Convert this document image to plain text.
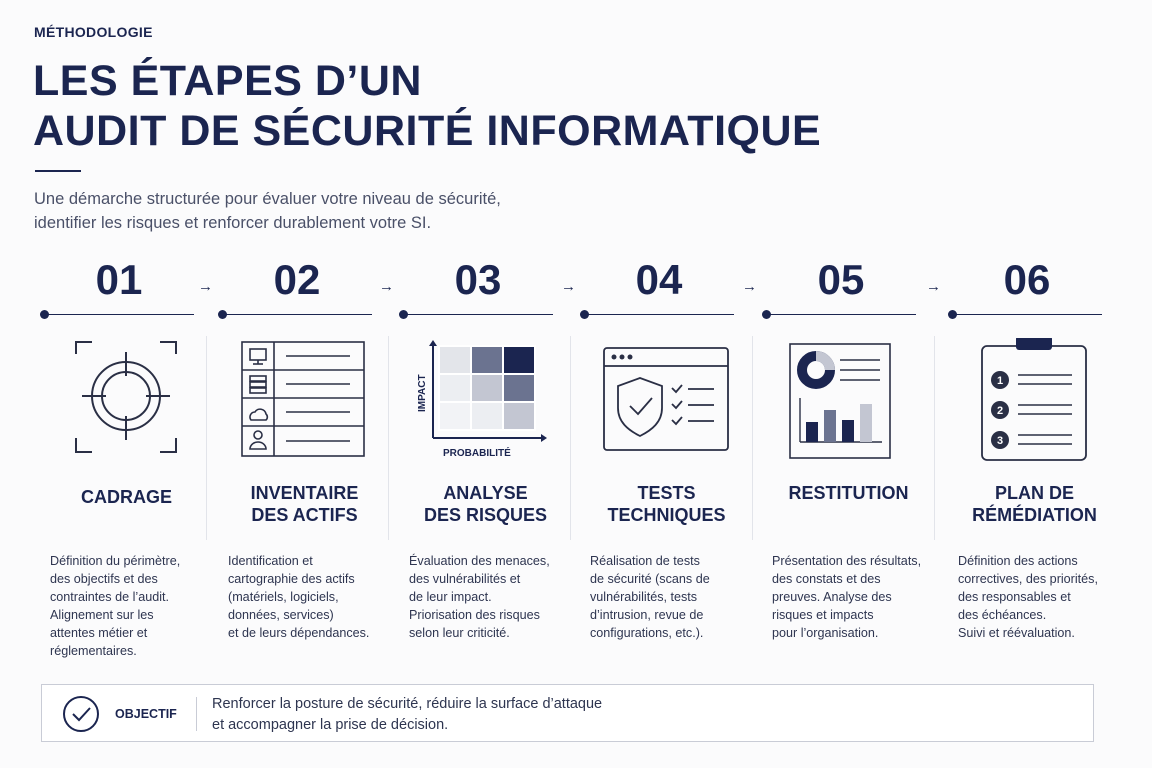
MÉTHODOLOGIE
LES ÉTAPES D’UN
AUDIT DE SÉCURITÉ INFORMATIQUE
Une démarche structurée pour évaluer votre niveau de sécurité,
identifier les risques et renforcer durablement votre SI.
→	→	→	→	→
01
CADRAGE
Définition du périmètre,
des objectifs et des
contraintes de l’audit.
Alignement sur les
attentes métier et
réglementaires.
02
INVENTAIRE
DES ACTIFS
Identification et
cartographie des actifs
(matériels, logiciels,
données, services)
et de leurs dépendances.
03
IMPACT
PROBABILITÉ
ANALYSE
DES RISQUES
Évaluation des menaces,
des vulnérabilités et
de leur impact.
Priorisation des risques
selon leur criticité.
04
TESTS
TECHNIQUES
Réalisation de tests
de sécurité (scans de
vulnérabilités, tests
d’intrusion, revue de
configurations, etc.).
05
RESTITUTION
Présentation des résultats,
des constats et des
preuves. Analyse des
risques et impacts
pour l’organisation.
06
1
2
3
PLAN DE
RÉMÉDIATION
Définition des actions
correctives, des priorités,
des responsables et
des échéances.
Suivi et réévaluation.
OBJECTIF
Renforcer la posture de sécurité, réduire la surface d’attaque
et accompagner la prise de décision.
